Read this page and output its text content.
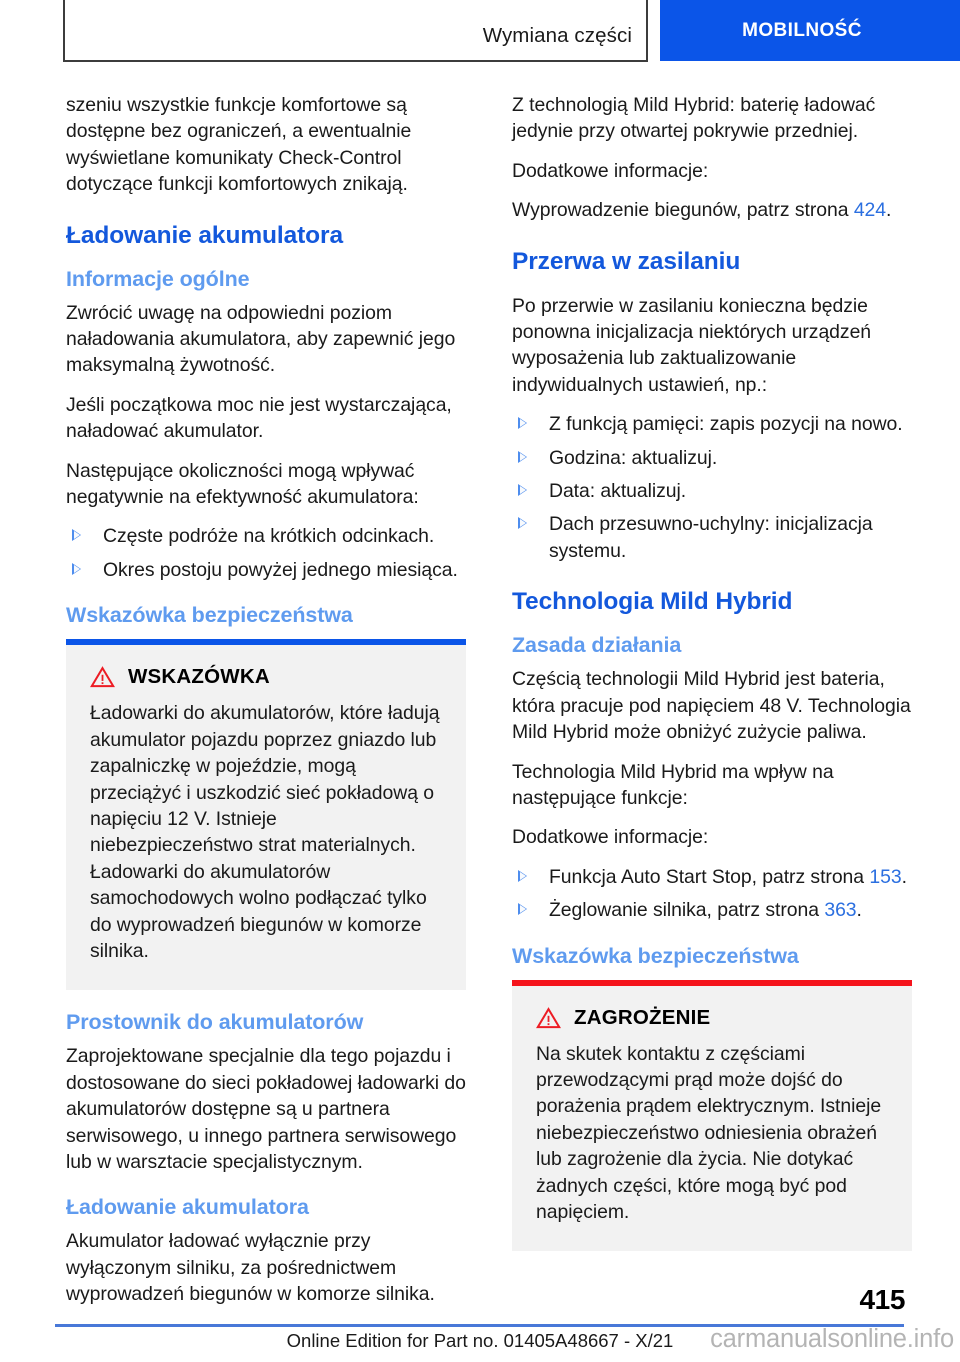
Wymiana części	MOBILNOŚĆ

szeniu wszystkie funkcje komfortowe są dostępne bez ograniczeń, a ewentualnie wyświetlane komunikaty Check-Control dotyczące funkcji komfortowych znikają.

Ładowanie akumulatora
Informacje ogólne

Zwrócić uwagę na odpowiedni poziom naładowania akumulatora, aby zapewnić jego maksymalną żywotność.

Jeśli początkowa moc nie jest wystarczająca, naładować akumulator.

Następujące okoliczności mogą wpływać negatywnie na efektywność akumulatora:

Częste podróże na krótkich odcinkach.
Okres postoju powyżej jednego miesiąca.
Wskazówka bezpieczeństwa
WSKAZÓWKA

Ładowarki do akumulatorów, które ładują akumulator pojazdu poprzez gniazdo lub zapalniczkę w pojeździe, mogą przeciążyć i uszkodzić sieć pokładową o napięciu 12 V. Istnieje niebezpieczeństwo strat materialnych. Ładowarki do akumulatorów samochodowych wolno podłączać tylko do wyprowadzeń biegunów w komorze silnika.

Prostownik do akumulatorów

Zaprojektowane specjalnie dla tego pojazdu i dostosowane do sieci pokładowej ładowarki do akumulatorów dostępne są u partnera serwisowego, u innego partnera serwisowego lub w warsztacie specjalistycznym.

Ładowanie akumulatora

Akumulator ładować wyłącznie przy wyłączonym silniku, za pośrednictwem wyprowadzeń biegunów w komorze silnika.

Z technologią Mild Hybrid: baterię ładować jedynie przy otwartej pokrywie przedniej.

Dodatkowe informacje:

Wyprowadzenie biegunów, patrz strona 424.

Przerwa w zasilaniu

Po przerwie w zasilaniu konieczna będzie ponowna inicjalizacja niektórych urządzeń wyposażenia lub zaktualizowanie indywidualnych ustawień, np.:

Z funkcją pamięci: zapis pozycji na nowo.
Godzina: aktualizuj.
Data: aktualizuj.
Dach przesuwno-uchylny: inicjalizacja systemu.
Technologia Mild Hybrid
Zasada działania

Częścią technologii Mild Hybrid jest bateria, która pracuje pod napięciem 48 V. Technologia Mild Hybrid może obniżyć zużycie paliwa.

Technologia Mild Hybrid ma wpływ na następujące funkcje:

Dodatkowe informacje:

Funkcja Auto Start Stop, patrz strona 153.
Żeglowanie silnika, patrz strona 363.
Wskazówka bezpieczeństwa
ZAGROŻENIE

Na skutek kontaktu z częściami przewodzącymi prąd może dojść do porażenia prądem elektrycznym. Istnieje niebezpieczeństwo odniesienia obrażeń lub zagrożenie dla życia. Nie dotykać żadnych części, które mogą być pod napięciem.

415
Online Edition for Part no. 01405A48667 - X/21	carmanualsonline.info
